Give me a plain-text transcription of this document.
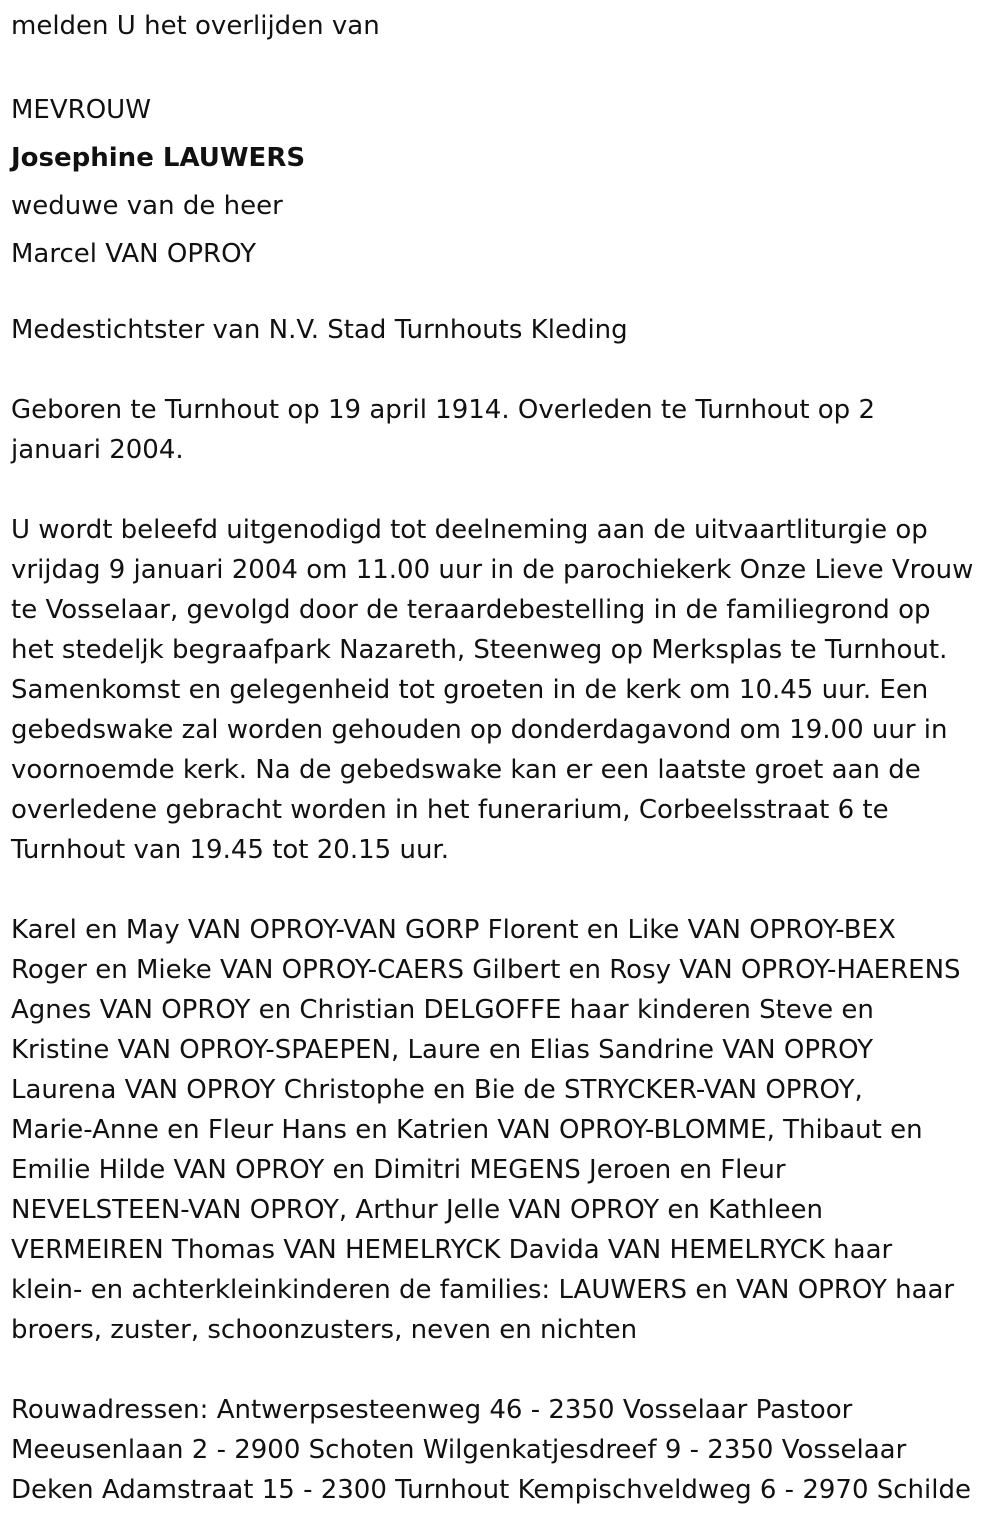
melden U het overlijden van
MEVROUW
Josephine LAUWERS
weduwe van de heer
Marcel VAN OPROY
Medestichtster van N.V. Stad Turnhouts Kleding
Geboren te Turnhout op 19 april 1914. Overleden te Turnhout op 2
januari 2004.
U wordt beleefd uitgenodigd tot deelneming aan de uitvaartliturgie op
vrijdag 9 januari 2004 om 11.00 uur in de parochiekerk Onze Lieve Vrouw
te Vosselaar, gevolgd door de teraardebestelling in de familiegrond op
het stedeljk begraafpark Nazareth, Steenweg op Merksplas te Turnhout.
Samenkomst en gelegenheid tot groeten in de kerk om 10.45 uur. Een
gebedswake zal worden gehouden op donderdagavond om 19.00 uur in
voornoemde kerk. Na de gebedswake kan er een laatste groet aan de
overledene gebracht worden in het funerarium, Corbeelsstraat 6 te
Turnhout van 19.45 tot 20.15 uur.
Karel en May VAN OPROY-VAN GORP Florent en Like VAN OPROY-BEX
Roger en Mieke VAN OPROY-CAERS Gilbert en Rosy VAN OPROY-HAERENS
Agnes VAN OPROY en Christian DELGOFFE haar kinderen Steve en
Kristine VAN OPROY-SPAEPEN, Laure en Elias Sandrine VAN OPROY
Laurena VAN OPROY Christophe en Bie de STRYCKER-VAN OPROY,
Marie-Anne en Fleur Hans en Katrien VAN OPROY-BLOMME, Thibaut en
Emilie Hilde VAN OPROY en Dimitri MEGENS Jeroen en Fleur
NEVELSTEEN-VAN OPROY, Arthur Jelle VAN OPROY en Kathleen
VERMEIREN Thomas VAN HEMELRYCK Davida VAN HEMELRYCK haar
klein- en achterkleinkinderen de families: LAUWERS en VAN OPROY haar
broers, zuster, schoonzusters, neven en nichten
Rouwadressen: Antwerpsesteenweg 46 - 2350 Vosselaar Pastoor
Meeusenlaan 2 - 2900 Schoten Wilgenkatjesdreef 9 - 2350 Vosselaar
Deken Adamstraat 15 - 2300 Turnhout Kempischveldweg 6 - 2970 Schilde
